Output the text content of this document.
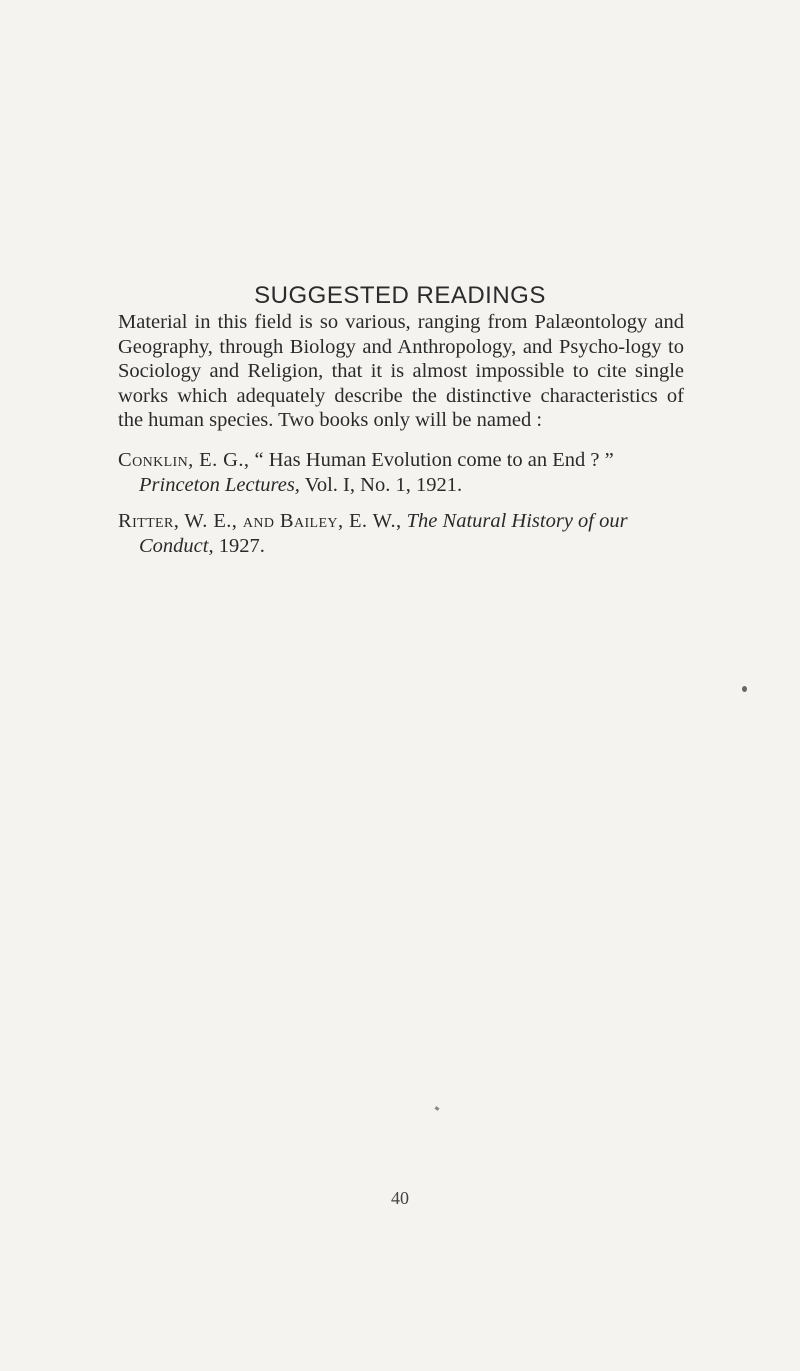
SUGGESTED READINGS

Material in this field is so various, ranging from Palæontology and Geography, through Biology and Anthropology, and Psycho-logy to Sociology and Religion, that it is almost impossible to cite single works which adequately describe the distinctive characteristics of the human species. Two books only will be named :

Conklin, E. G., “ Has Human Evolution come to an End ? ” Princeton Lectures, Vol. I, No. 1, 1921.
Ritter, W. E., and Bailey, E. W., The Natural History of our Conduct, 1927.
40
